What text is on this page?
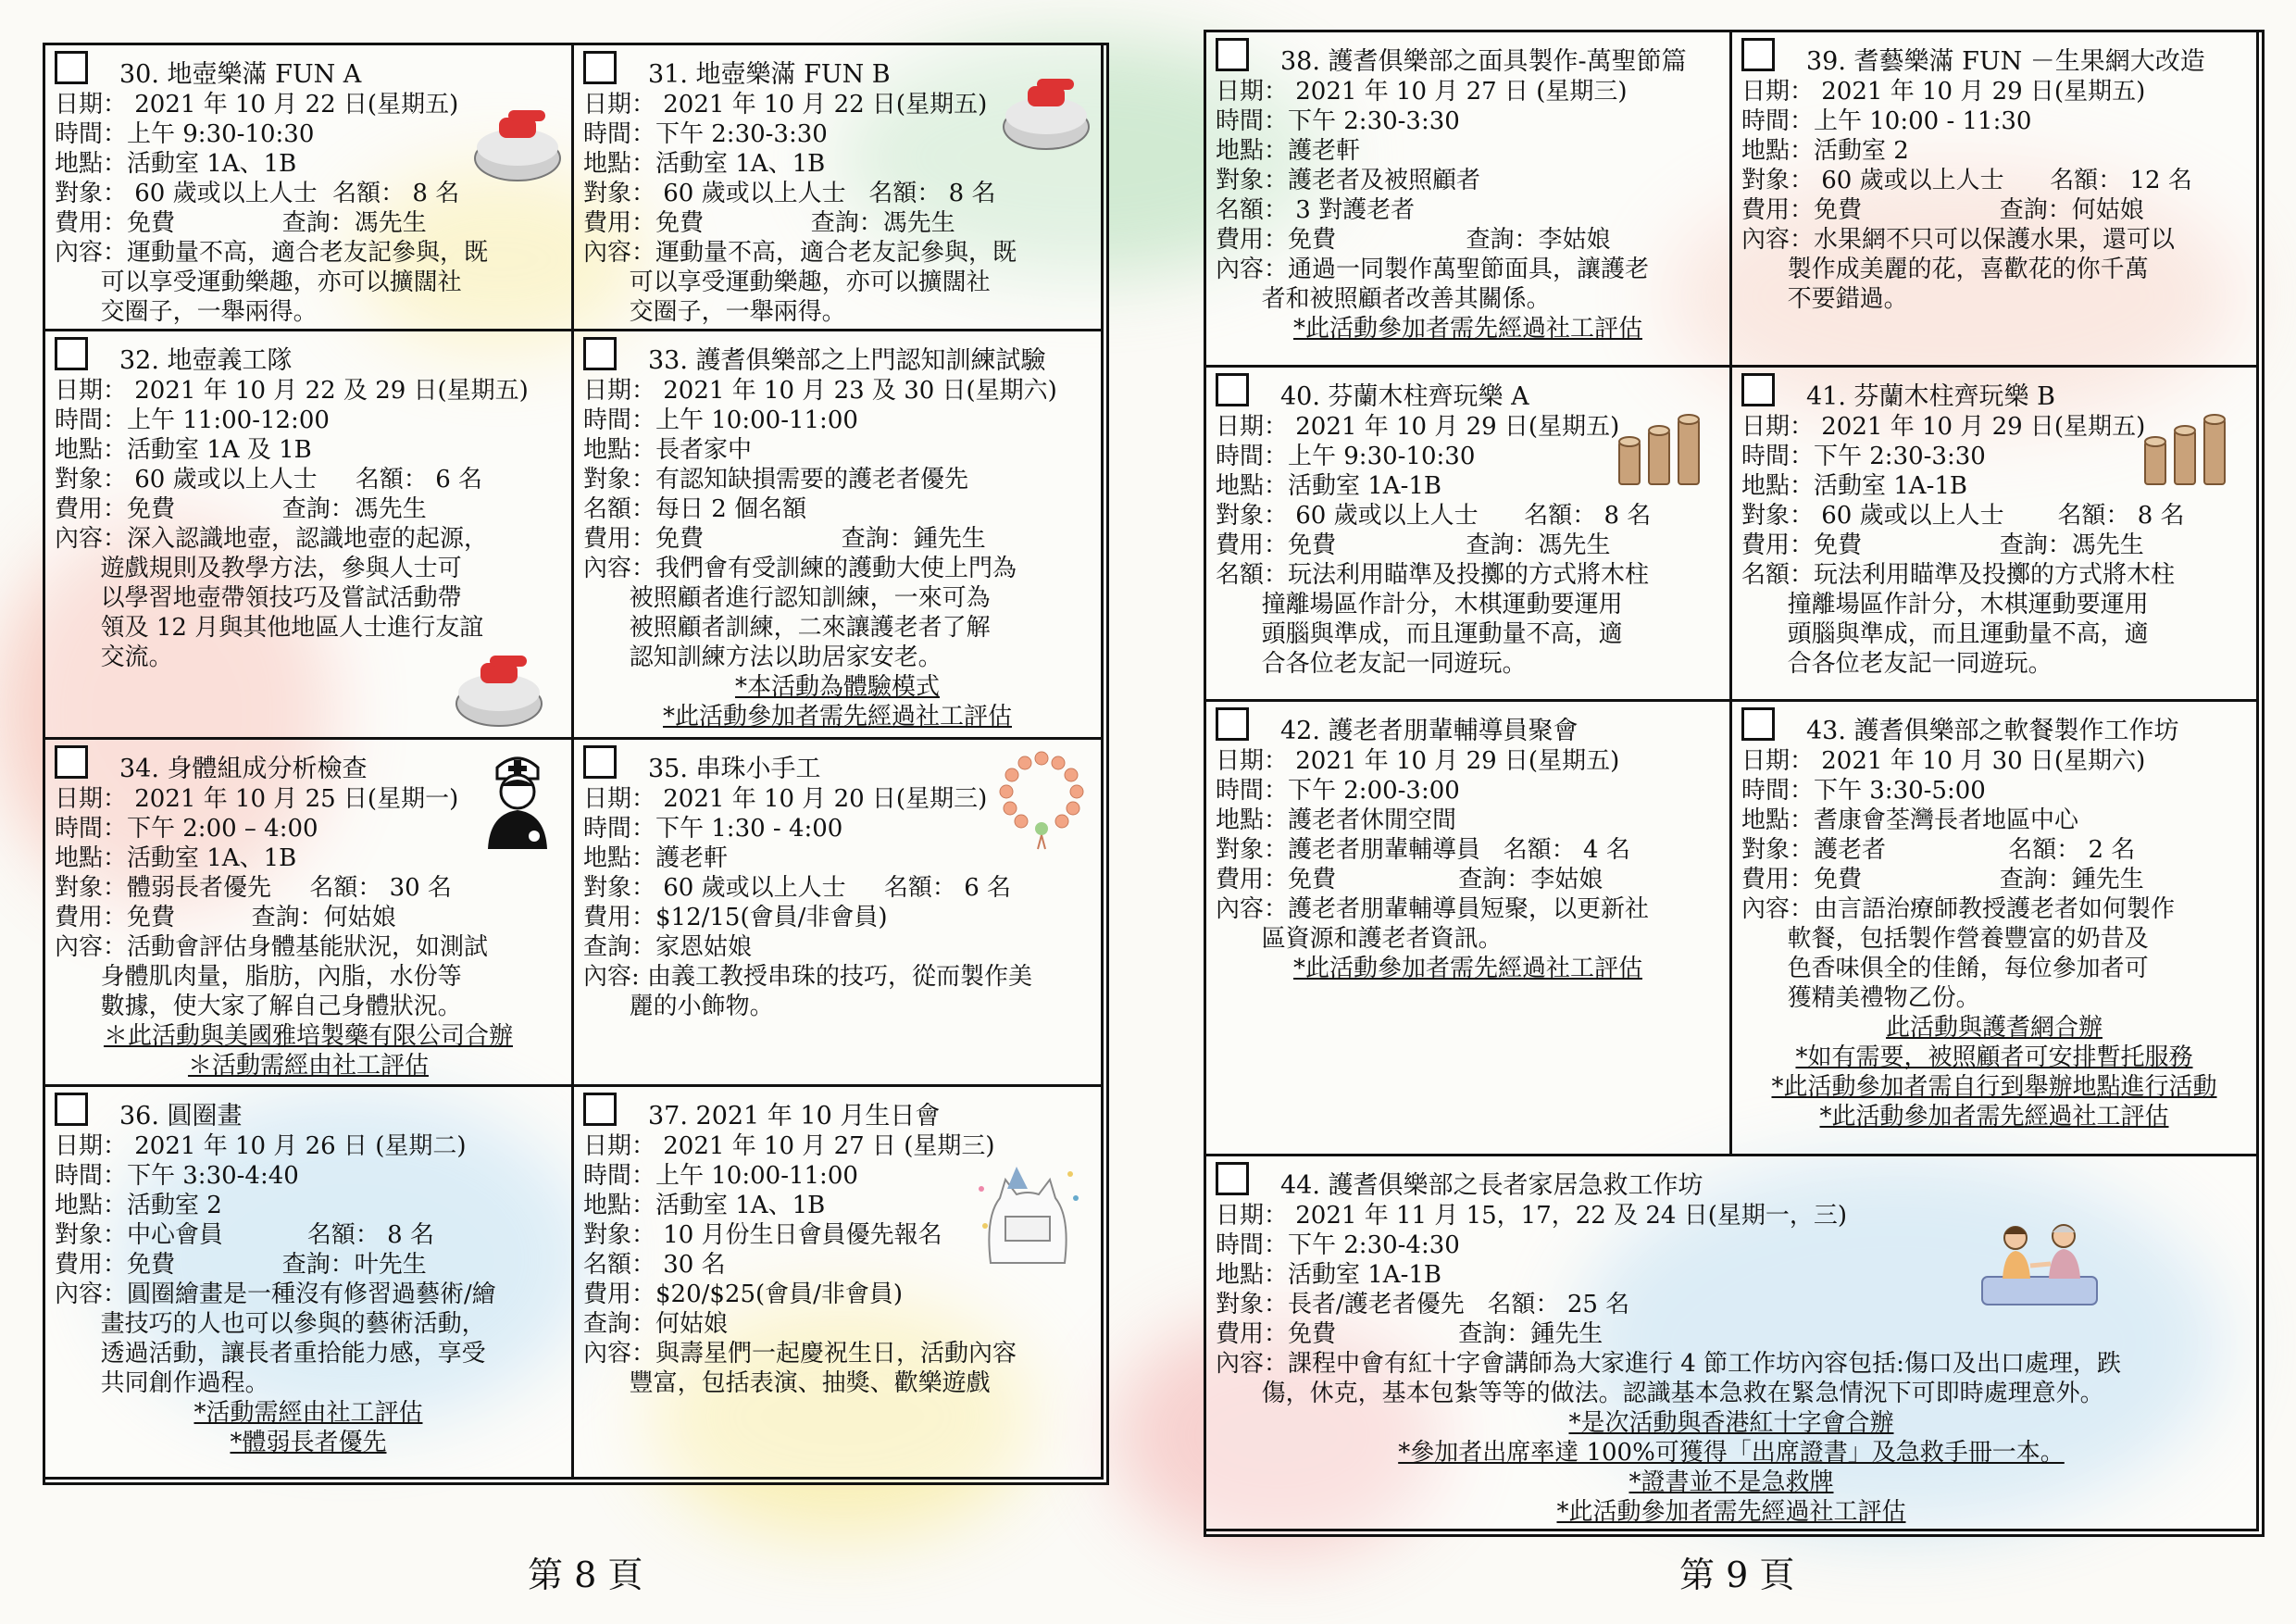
30. 地壺樂滿 FUN A
日期： 2021 年 10 月 22 日(星期五)
時間：上午 9:30-10:30
地點：活動室 1A、1B
對象： 60 歲或以上人士  名額： 8 名
費用：免費              查詢：馮先生
內容：運動量不高，適合老友記參與，既
可以享受運動樂趣，亦可以擴闊社
交圈子，一舉兩得。
31. 地壺樂滿 FUN B
日期： 2021 年 10 月 22 日(星期五)
時間：下午 2:30-3:30
地點：活動室 1A、1B
對象： 60 歲或以上人士   名額： 8 名
費用：免費              查詢：馮先生
內容：運動量不高，適合老友記參與，既
可以享受運動樂趣，亦可以擴闊社
交圈子，一舉兩得。
32. 地壺義工隊
日期： 2021 年 10 月 22 及 29 日(星期五)
時間：上午 11:00-12:00
地點：活動室 1A 及 1B
對象： 60 歲或以上人士     名額： 6 名
費用：免費              查詢：馮先生
內容：深入認識地壺，認識地壺的起源，
遊戲規則及教學方法，參與人士可
以學習地壺帶領技巧及嘗試活動帶
領及 12 月與其他地區人士進行友誼
交流。
33. 護耆俱樂部之上門認知訓練試驗
日期： 2021 年 10 月 23 及 30 日(星期六)
時間：上午 10:00-11:00
地點：長者家中
對象：有認知缺損需要的護老者優先
名額：每日 2 個名額
費用：免費                  查詢：鍾先生
內容：我們會有受訓練的護動大使上門為
被照顧者進行認知訓練，一來可為
被照顧者訓練，二來讓護老者了解
認知訓練方法以助居家安老。
*本活動為體驗模式
*此活動參加者需先經過社工評估
34. 身體組成分析檢查
日期： 2021 年 10 月 25 日(星期一)
時間：下午 2:00 – 4:00
地點：活動室 1A、1B
對象：體弱長者優先     名額： 30 名
費用：免費          查詢：何姑娘
內容：活動會評估身體基能狀況，如測試
身體肌肉量，脂肪，內脂，水份等
數據，使大家了解自己身體狀況。
＊此活動與美國雅培製藥有限公司合辦
＊活動需經由社工評估
35. 串珠小手工
日期： 2021 年 10 月 20 日(星期三)
時間：下午 1:30 - 4:00
地點：護老軒
對象： 60 歲或以上人士     名額： 6 名
費用：$12/15(會員/非會員)
查詢：家恩姑娘
內容: 由義工教授串珠的技巧，從而製作美
麗的小飾物。
36. 圓圈畫
日期： 2021 年 10 月 26 日 (星期二)
時間：下午 3:30-4:40
地點：活動室 2
對象：中心會員           名額： 8 名
費用：免費              查詢：叶先生
內容：圓圈繪畫是一種沒有修習過藝術/繪
畫技巧的人也可以參與的藝術活動，
透過活動，讓長者重拾能力感，享受
共同創作過程。
*活動需經由社工評估
*體弱長者優先
37. 2021 年 10 月生日會
日期： 2021 年 10 月 27 日 (星期三)
時間：上午 10:00-11:00
地點：活動室 1A、1B
對象： 10 月份生日會員優先報名
名額： 30 名
費用：$20/$25(會員/非會員)
查詢：何姑娘
內容：與壽星們一起慶祝生日，活動內容
豐富，包括表演、抽獎、歡樂遊戲
第 8 頁
38. 護耆俱樂部之面具製作-萬聖節篇
日期： 2021 年 10 月 27 日 (星期三)
時間：下午 2:30-3:30
地點：護老軒
對象：護老者及被照顧者
名額： 3 對護老者
費用：免費                 查詢：李姑娘
內容：通過一同製作萬聖節面具，讓護老
者和被照顧者改善其關係。
*此活動參加者需先經過社工評估
39. 耆藝樂滿 FUN －生果網大改造
日期： 2021 年 10 月 29 日(星期五)
時間：上午 10:00 - 11:30
地點：活動室 2
對象： 60 歲或以上人士      名額： 12 名
費用：免費                  查詢：何姑娘
內容：水果網不只可以保護水果，還可以
製作成美麗的花，喜歡花的你千萬
不要錯過。
40. 芬蘭木柱齊玩樂 A
日期： 2021 年 10 月 29 日(星期五)
時間：上午 9:30-10:30
地點：活動室 1A-1B
對象： 60 歲或以上人士      名額： 8 名
費用：免費                 查詢：馮先生
名額：玩法利用瞄準及投擲的方式將木柱
撞離場區作計分，木棋運動要運用
頭腦與準成，而且運動量不高，適
合各位老友記一同遊玩。
41. 芬蘭木柱齊玩樂 B
日期： 2021 年 10 月 29 日(星期五)
時間：下午 2:30-3:30
地點：活動室 1A-1B
對象： 60 歲或以上人士       名額： 8 名
費用：免費                  查詢：馮先生
名額：玩法利用瞄準及投擲的方式將木柱
撞離場區作計分，木棋運動要運用
頭腦與準成，而且運動量不高，適
合各位老友記一同遊玩。
42. 護老者朋輩輔導員聚會
日期： 2021 年 10 月 29 日(星期五)
時間：下午 2:00-3:00
地點：護老者休閒空間
對象：護老者朋輩輔導員   名額： 4 名
費用：免費                查詢：李姑娘
內容：護老者朋輩輔導員短聚，以更新社
區資源和護老者資訊。
*此活動參加者需先經過社工評估
43. 護耆俱樂部之軟餐製作工作坊
日期： 2021 年 10 月 30 日(星期六)
時間：下午 3:30-5:00
地點：耆康會荃灣長者地區中心
對象：護老者                名額： 2 名
費用：免費                  查詢：鍾先生
內容：由言語治療師教授護老者如何製作
軟餐，包括製作營養豐富的奶昔及
色香味俱全的佳餚，每位參加者可
獲精美禮物乙份。
此活動與護耆網合辦
*如有需要，被照顧者可安排暫托服務
*此活動參加者需自行到舉辦地點進行活動
*此活動參加者需先經過社工評估
44. 護耆俱樂部之長者家居急救工作坊
日期： 2021 年 11 月 15，17，22 及 24 日(星期一，三)
時間：下午 2:30-4:30
地點：活動室 1A-1B
對象：長者/護老者優先   名額： 25 名
費用：免費                查詢：鍾先生
內容：課程中會有紅十字會講師為大家進行 4 節工作坊內容包括:傷口及出口處理，跌
傷，休克，基本包紮等等的做法。認識基本急救在緊急情況下可即時處理意外。
*是次活動與香港紅十字會合辦
*參加者出席率達 100%可獲得「出席證書」及急救手冊一本。
*證書並不是急救牌
*此活動參加者需先經過社工評估
第 9 頁
